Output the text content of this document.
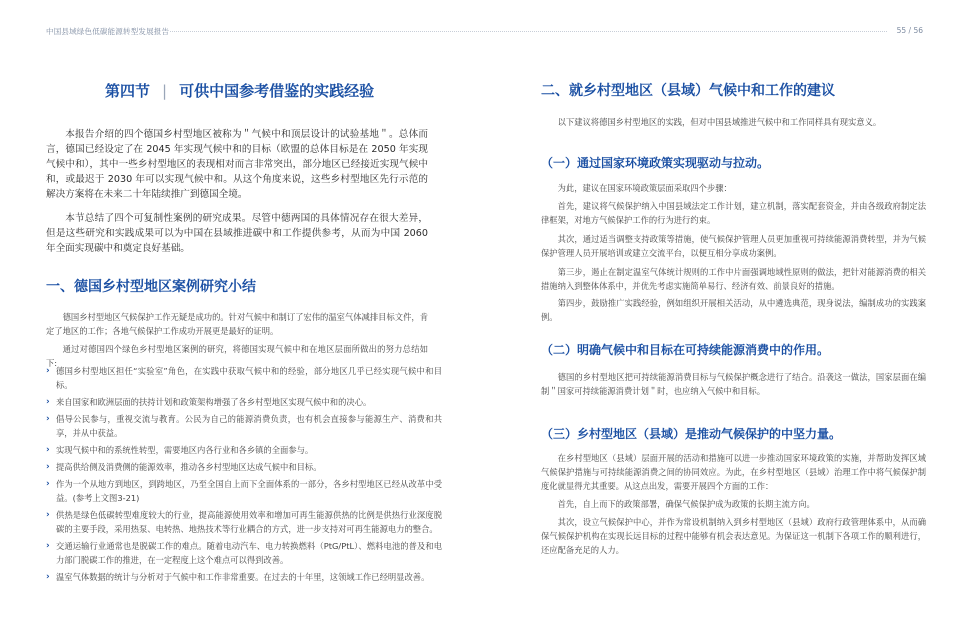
中国县域绿色低碳能源转型发展报告	55 / 56
第四节 | 可供中国参考借鉴的实践经验

本报告介绍的四个德国乡村型地区被称为＂气候中和顶层设计的试验基地＂。总体而言，德国已经设定了在 2045 年实现气候中和的目标（欧盟的总体目标是在 2050 年实现气候中和），其中一些乡村型地区的表现相对而言非常突出，部分地区已经接近实现气候中和，或最迟于 2030 年可以实现气候中和。从这个角度来说，这些乡村型地区先行示范的解决方案将在未来二十年陆续推广到德国全境。

本节总结了四个可复制性案例的研究成果。尽管中德两国的具体情况存在很大差异，但是这些研究和实践成果可以为中国在县域推进碳中和工作提供参考，从而为中国 2060 年全面实现碳中和奠定良好基础。

一、德国乡村型地区案例研究小结

德国乡村型地区气候保护工作无疑是成功的。针对气候中和制订了宏伟的温室气体减排目标文件，肯定了地区的工作；各地气候保护工作成功开展更是最好的证明。

通过对德国四个绿色乡村型地区案例的研究，将德国实现气候中和在地区层面所做出的努力总结如下:

› 德国乡村型地区担任“实验室”角色，在实践中获取气候中和的经验，部分地区几乎已经实现气候中和目标。
› 来自国家和欧洲层面的扶持计划和政策架构增强了各乡村型地区实现气候中和的决心。
› 倡导公民参与，重视交流与教育。公民为自己的能源消费负责，也有机会直接参与能源生产、消费和共享，并从中获益。
› 实现气候中和的系统性转型，需要地区内各行业和各乡镇的全面参与。
› 提高供给侧及消费侧的能源效率，推动各乡村型地区达成气候中和目标。
› 作为一个从地方到地区，到跨地区，乃至全国自上而下全面体系的一部分，各乡村型地区已经从改革中受益。(参考上文图3-21)
› 供热是绿色低碳转型难度较大的行业，提高能源使用效率和增加可再生能源供热的比例是供热行业深度脱碳的主要手段，采用热泵、电转热、地热技术等行业耦合的方式，进一步支持对可再生能源电力的整合。
› 交通运输行业通常也是脱碳工作的难点。随着电动汽车、电力转换燃料（PtG/PtL）、燃料电池的普及和电力部门脱碳工作的推进，在一定程度上这个难点可以得到改善。
› 温室气体数据的统计与分析对于气候中和工作非常重要。在过去的十年里，这领域工作已经明显改善。
二、就乡村型地区（县域）气候中和工作的建议

以下建议将德国乡村型地区的实践，但对中国县域推进气候中和工作同样具有现实意义。

（一）通过国家环境政策实现驱动与拉动。

为此，建议在国家环境政策层面采取四个步骤：

首先，建议将气候保护纳入中国县域法定工作计划，建立机制，落实配套资金，并由各级政府制定法律框架，对地方气候保护工作的行为进行约束。

其次，通过适当调整支持政策等措施，使气候保护管理人员更加重视可持续能源消费转型，并为气候保护管理人员开展培训或建立交流平台，以便互相分享成功案例。

第三步，遏止在制定温室气体统计规则的工作中片面强调地域性原则的做法，把针对能源消费的相关措施纳入到整体体系中，并优先考虑实施简单易行、经济有效、前景良好的措施。

第四步，鼓励推广实践经验，例如组织开展相关活动，从中遴选典范，现身说法，编制成功的实践案例。

（二）明确气候中和目标在可持续能源消费中的作用。

德国的乡村型地区把可持续能源消费目标与气候保护概念进行了结合。沿袭这一做法，国家层面在编制＂国家可持续能源消费计划＂时，也应纳入气候中和目标。

（三）乡村型地区（县域）是推动气候保护的中坚力量。

在乡村型地区（县域）层面开展的活动和措施可以进一步推动国家环境政策的实施，并帮助发挥区域气候保护措施与可持续能源消费之间的协同效应。为此，在乡村型地区（县域）治理工作中将气候保护制度化就显得尤其重要。从这点出发，需要开展四个方面的工作：

首先，自上而下的政策部署，确保气候保护成为政策的长期主流方向。

其次，设立气候保护中心，并作为常设机制纳入到乡村型地区（县域）政府行政管理体系中，从而确保气候保护机构在实现长远目标的过程中能够有机会表达意见。为保证这一机制下各项工作的顺利进行，还应配备充足的人力。
